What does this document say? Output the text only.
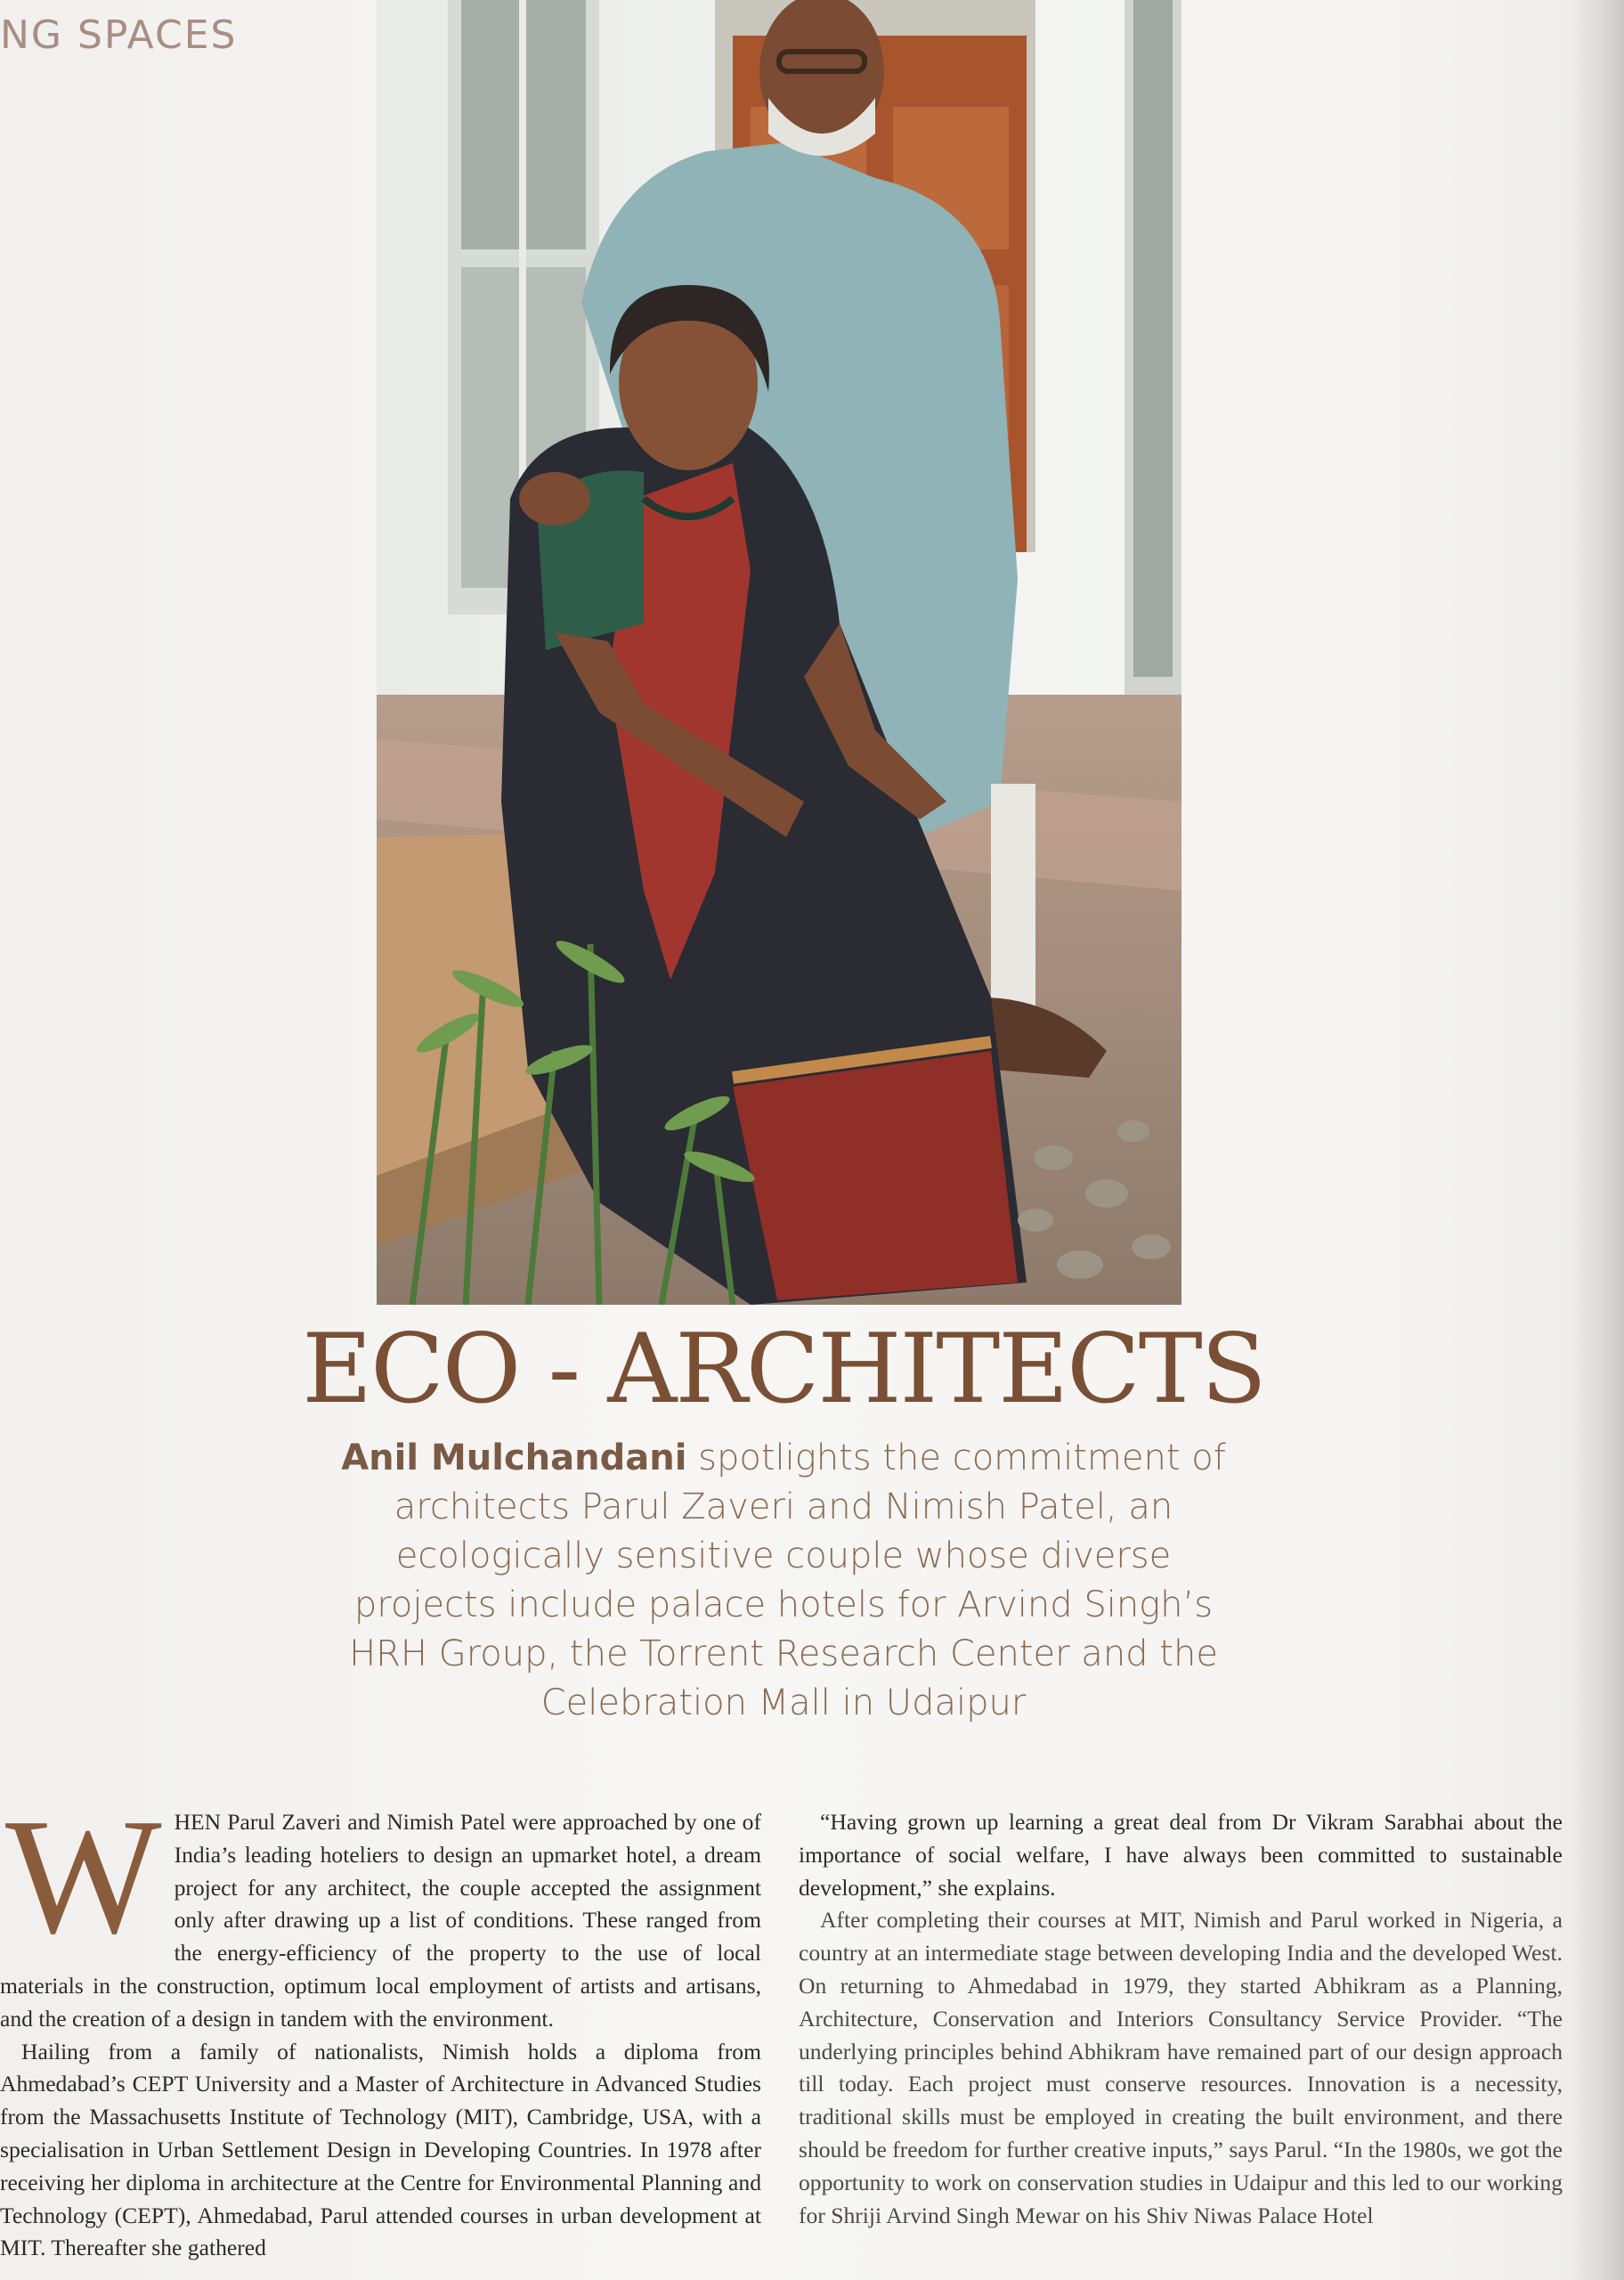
NG SPACES
ECO - ARCHITECTS
Anil Mulchandani spotlights the commitment of architects Parul Zaveri and Nimish Patel, an ecologically sensitive couple whose diverse projects include palace hotels for Arvind Singh’s HRH Group, the Torrent Research Center and the Celebration Mall in Udaipur

WHEN Parul Zaveri and Nimish Patel were approached by one of India’s leading hoteliers to design an upmarket hotel, a dream project for any architect, the couple accepted the assignment only after drawing up a list of conditions. These ranged from the energy-efficiency of the property to the use of local materials in the construction, optimum local employment of artists and artisans, and the creation of a design in tandem with the environment.

Hailing from a family of nationalists, Nimish holds a diploma from Ahmedabad’s CEPT University and a Master of Architecture in Advanced Studies from the Massachusetts Institute of Technology (MIT), Cambridge, USA, with a specialisation in Urban Settlement Design in Developing Countries. In 1978 after receiving her diploma in architecture at the Centre for Environmental Planning and Technology (CEPT), Ahmedabad, Parul attended courses in urban development at MIT. Thereafter she gathered

“Having grown up learning a great deal from Dr Vikram Sarabhai about the importance of social welfare, I have always been committed to sustainable development,” she explains.

After completing their courses at MIT, Nimish and Parul worked in Nigeria, a country at an intermediate stage between developing India and the developed West. On returning to Ahmedabad in 1979, they started Abhikram as a Planning, Architecture, Conservation and Interiors Consultancy Service Provider. “The underlying principles behind Abhikram have remained part of our design approach till today. Each project must conserve resources. Innovation is a necessity, traditional skills must be employed in creating the built environment, and there should be freedom for further creative inputs,” says Parul. “In the 1980s, we got the opportunity to work on conservation studies in Udaipur and this led to our working for Shriji Arvind Singh Mewar on his Shiv Niwas Palace Hotel
